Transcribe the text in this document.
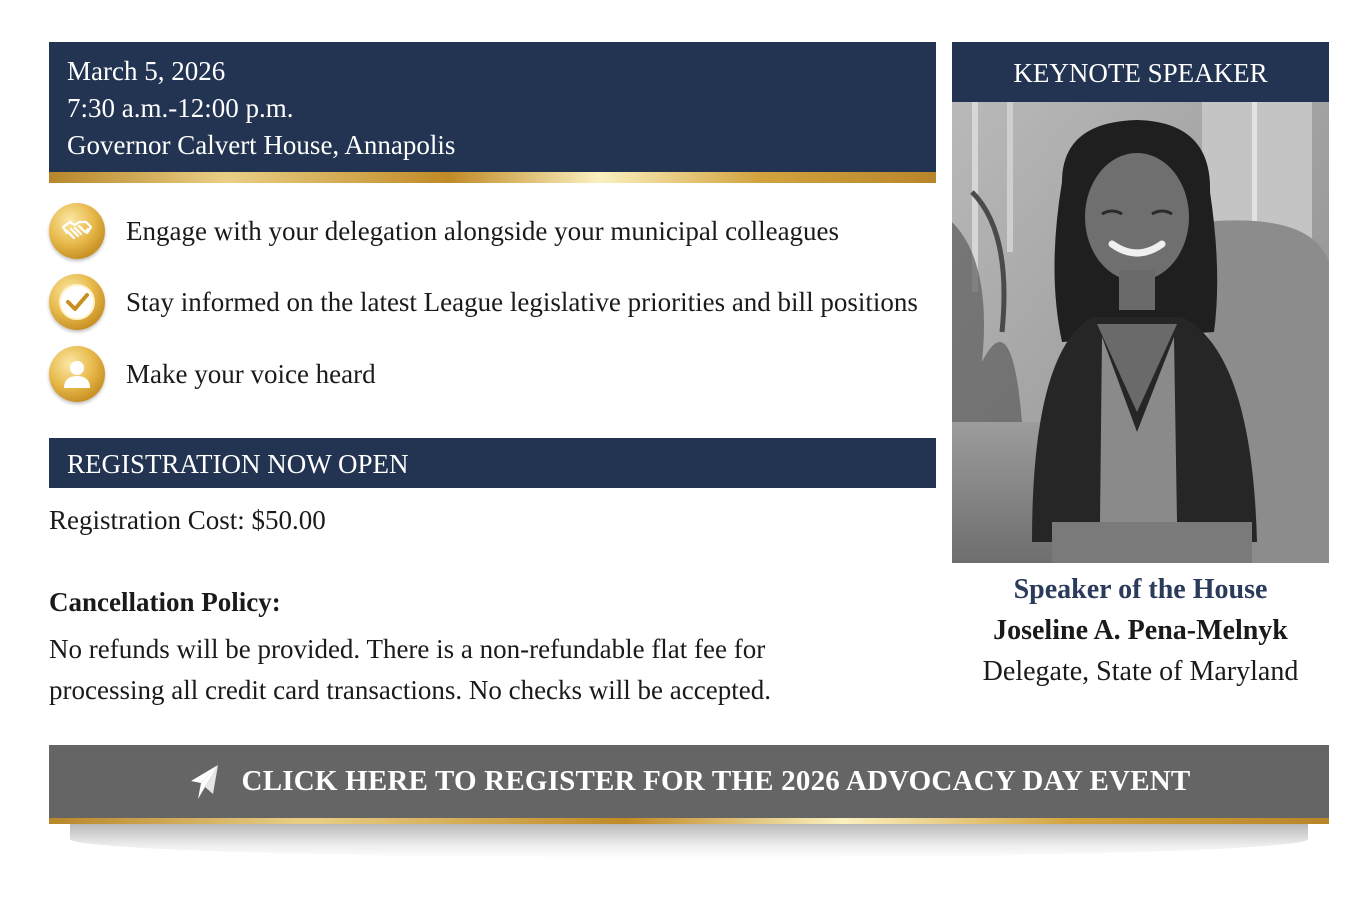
March 5, 2026
7:30 a.m.-12:00 p.m.
Governor Calvert House, Annapolis
Engage with your delegation alongside your municipal colleagues
Stay informed on the latest League legislative priorities and bill positions
Make your voice heard
REGISTRATION NOW OPEN
Registration Cost: $50.00
Cancellation Policy:
No refunds will be provided. There is a non-refundable flat fee for processing all credit card transactions. No checks will be accepted.
KEYNOTE SPEAKER
Speaker of the House
Joseline A. Pena-Melnyk
Delegate, State of Maryland
CLICK HERE TO REGISTER FOR THE 2026 ADVOCACY DAY EVENT
